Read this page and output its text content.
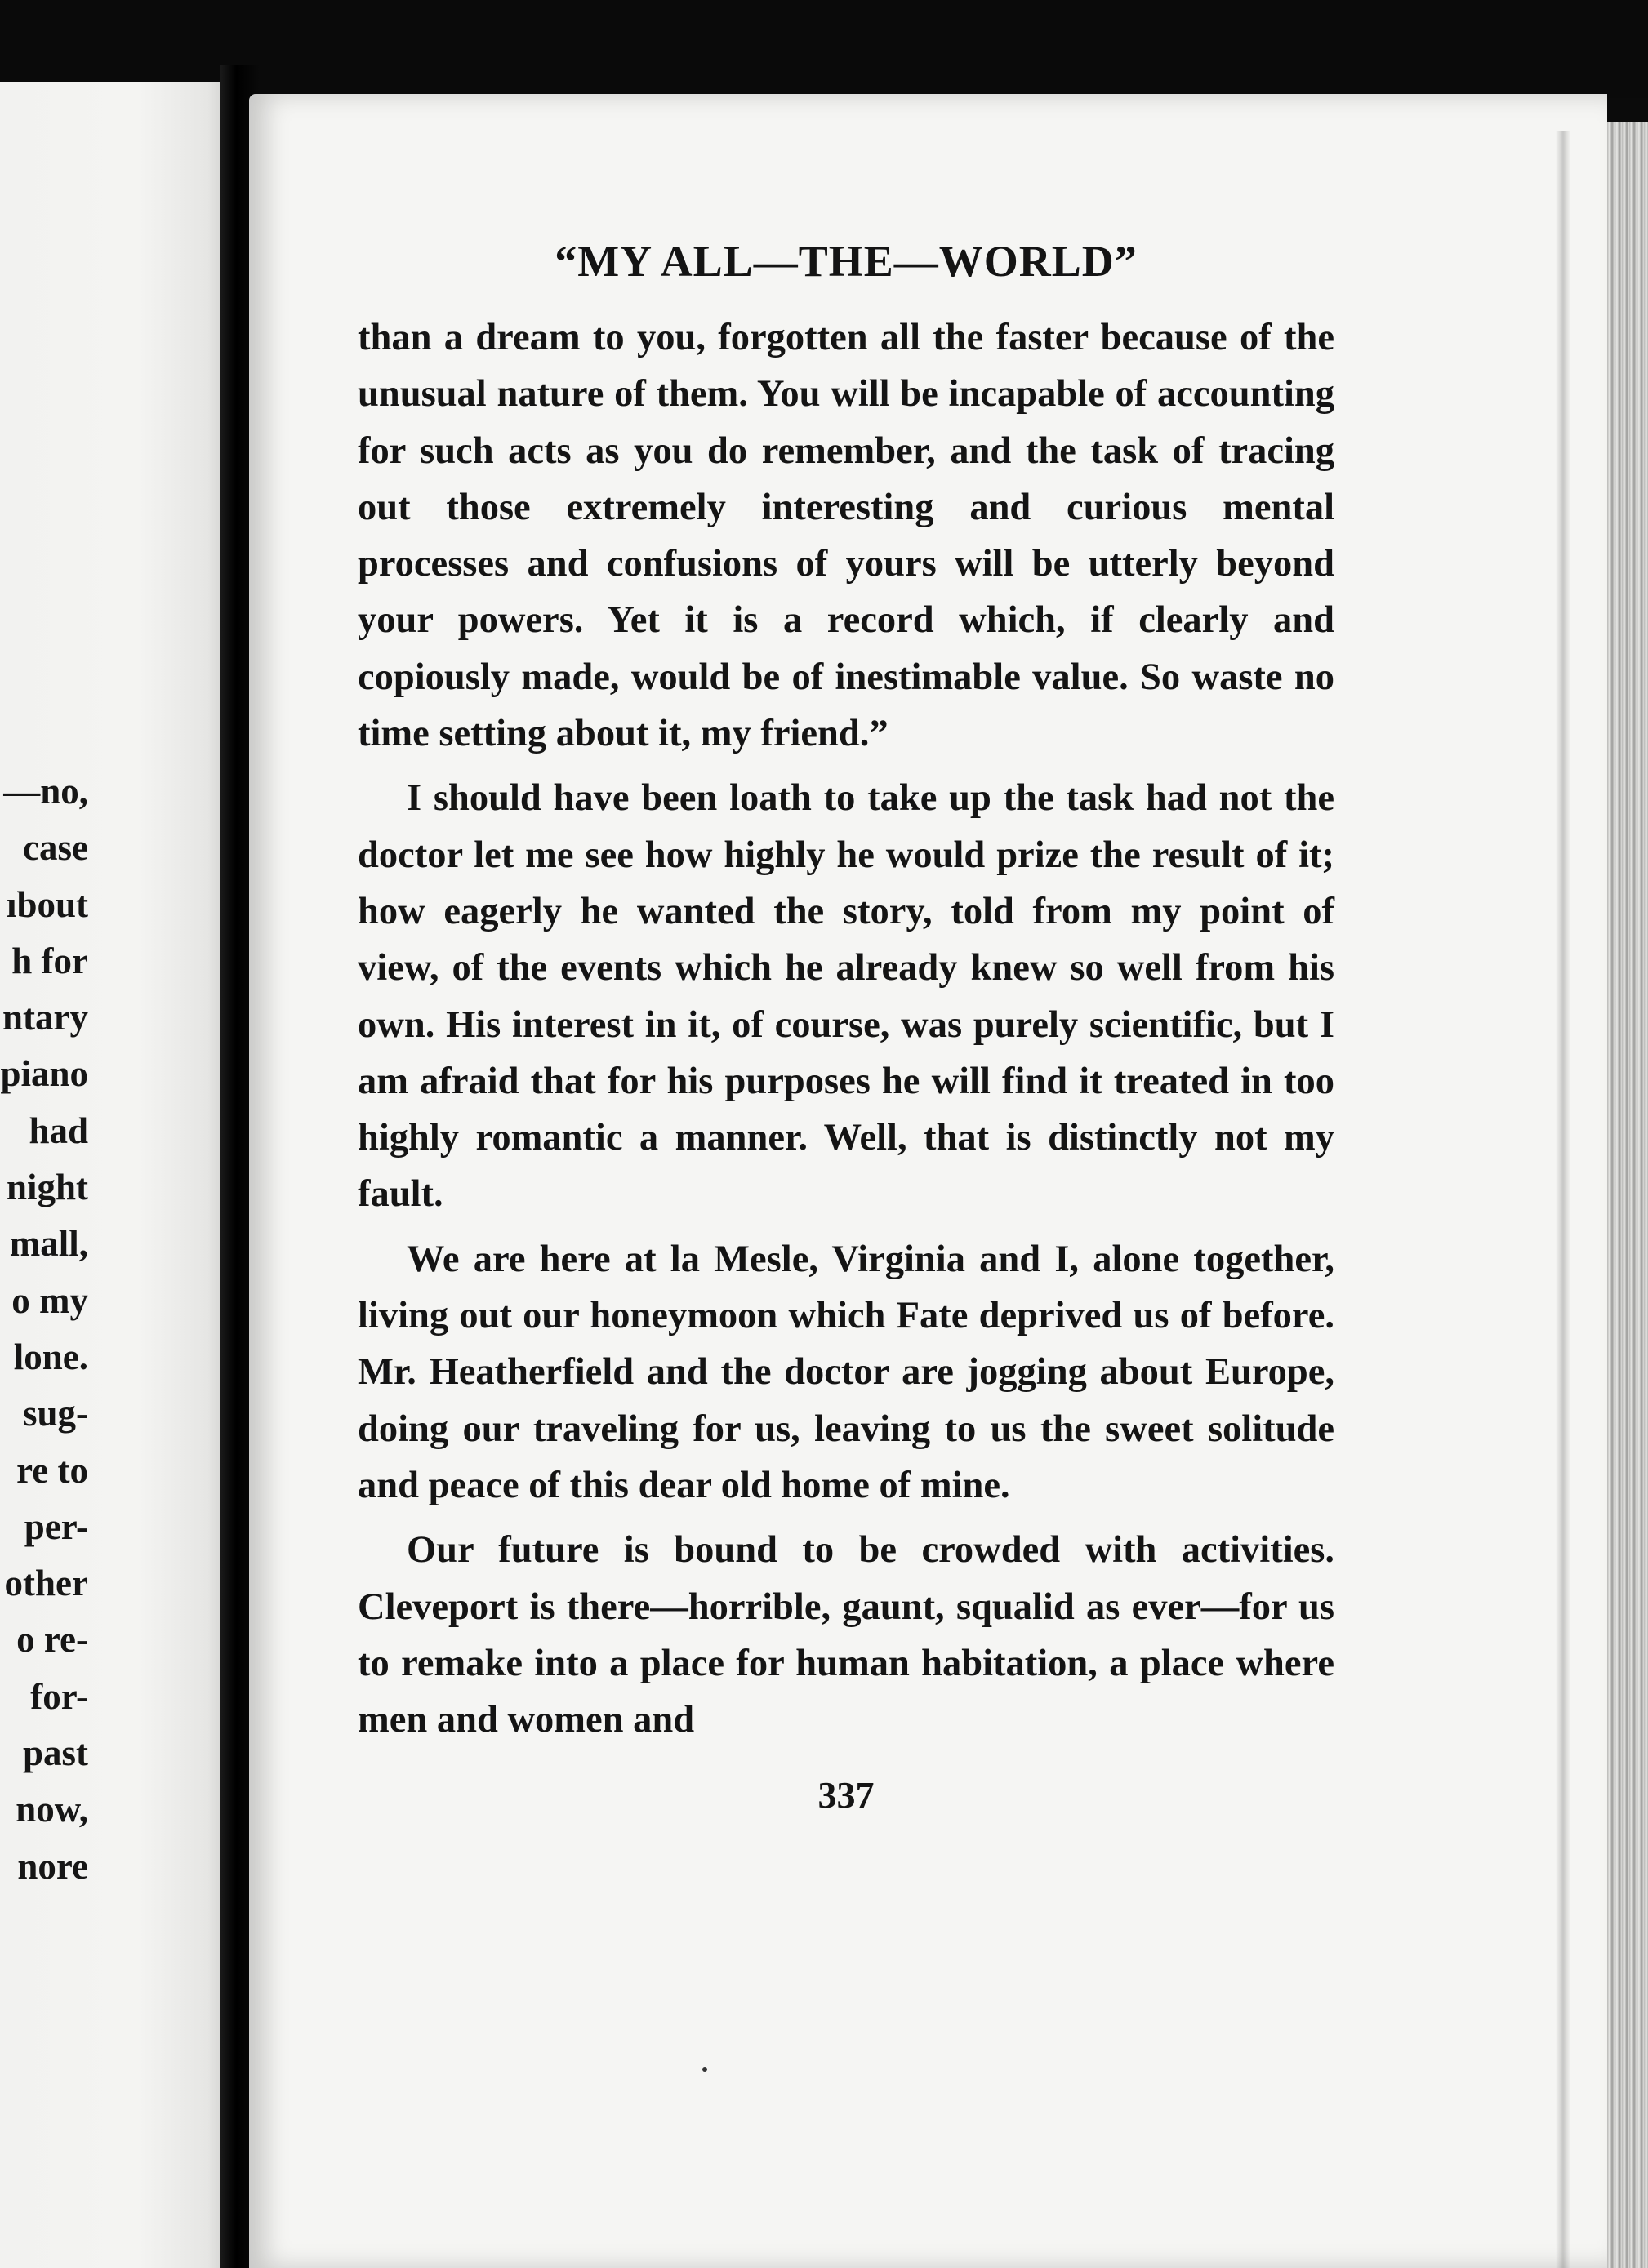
—no,
case
ıbout
h for
ntary
piano
had
night
mall,
o my
lone.
sug-
re to
per-
other
o re-
for-
past
now,
nore
“MY ALL—THE—WORLD”

than a dream to you, forgotten all the faster because of the unusual nature of them. You will be incapable of accounting for such acts as you do remember, and the task of tracing out those extremely interesting and curious mental processes and confusions of yours will be utterly beyond your powers. Yet it is a record which, if clearly and copiously made, would be of inestimable value. So waste no time setting about it, my friend.”

I should have been loath to take up the task had not the doctor let me see how highly he would prize the result of it; how eagerly he wanted the story, told from my point of view, of the events which he already knew so well from his own. His interest in it, of course, was purely scientific, but I am afraid that for his purposes he will find it treated in too highly romantic a manner. Well, that is distinctly not my fault.

We are here at la Mesle, Virginia and I, alone together, living out our honeymoon which Fate deprived us of before. Mr. Heatherfield and the doctor are jogging about Europe, doing our traveling for us, leaving to us the sweet solitude and peace of this dear old home of mine.

Our future is bound to be crowded with activities. Cleveport is there—horrible, gaunt, squalid as ever—for us to remake into a place for human habitation, a place where men and women and

337
